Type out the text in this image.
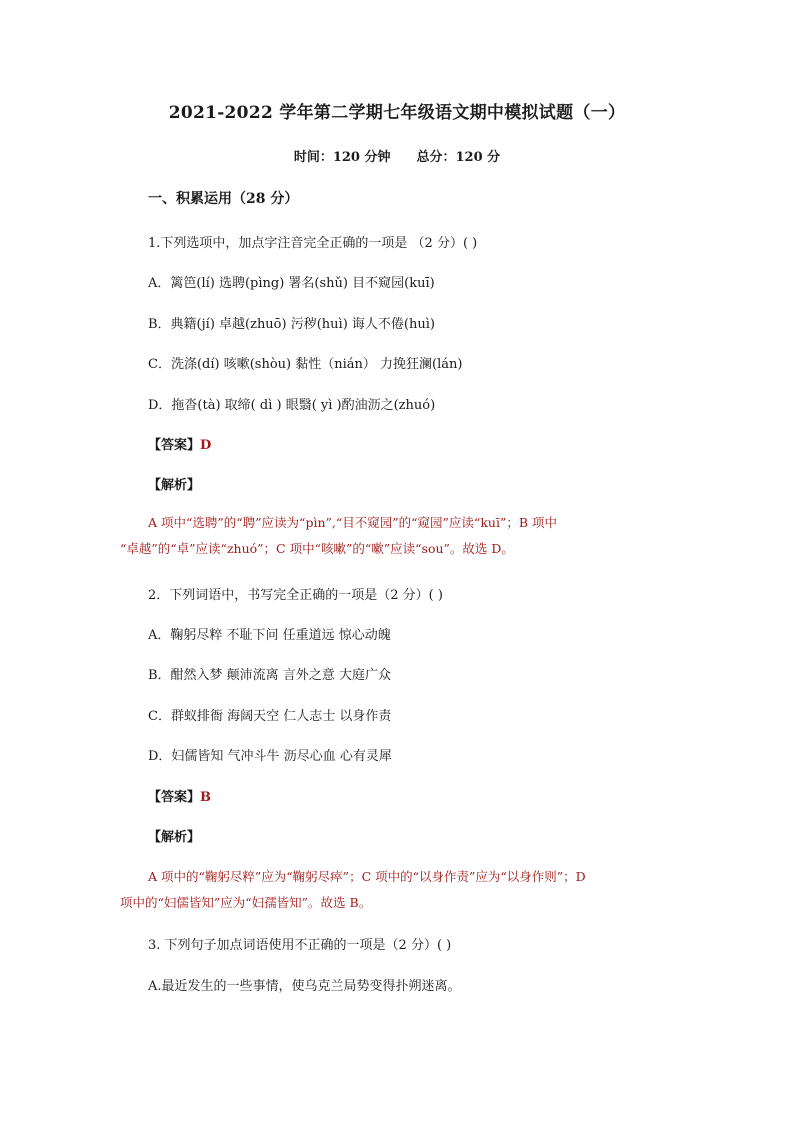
2021-2022 学年第二学期七年级语文期中模拟试题（一）
时间：120 分钟 总分：120 分
一、积累运用（28 分）
1.下列选项中，加点字注音完全正确的一项是 （2 分）( )
A．篱笆(lí) 选聘(pìng) 署名(shǔ) 目不窥园(kuī)
B．典籍(jí) 卓越(zhuō) 污秽(huì) 诲人不倦(huì)
C．洗涤(dí) 咳嗽(shòu) 黏性（nián） 力挽狂澜(lán)
D．拖沓(tà) 取缔( dì ) 眼翳( yì )酌油沥之(zhuó)
【答案】D
【解析】
A 项中“选聘”的“聘”应读为“pìn”,“目不窥园”的“窥园”应读“kuī”；B 项中
“卓越”的“卓”应读“zhuó”；C 项中“咳嗽”的“嗽”应读“sou”。故选 D。
2．下列词语中，书写完全正确的一项是（2 分）( )
A．鞠躬尽粹 不耻下问 任重道远 惊心动魄
B．酣然入梦 颠沛流离 言外之意 大庭广众
C．群蚁排衙 海阔天空 仁人志士 以身作责
D．妇儒皆知 气冲斗牛 沥尽心血 心有灵犀
【答案】B
【解析】
A 项中的“鞠躬尽粹”应为“鞠躬尽瘁”；C 项中的“以身作责”应为“以身作则”；D
项中的“妇儒皆知”应为“妇孺皆知”。故选 B。
3. 下列句子加点词语使用不正确的一项是（2 分）( )
A.最近发生的一些事情，使乌克兰局势变得扑朔迷离。
